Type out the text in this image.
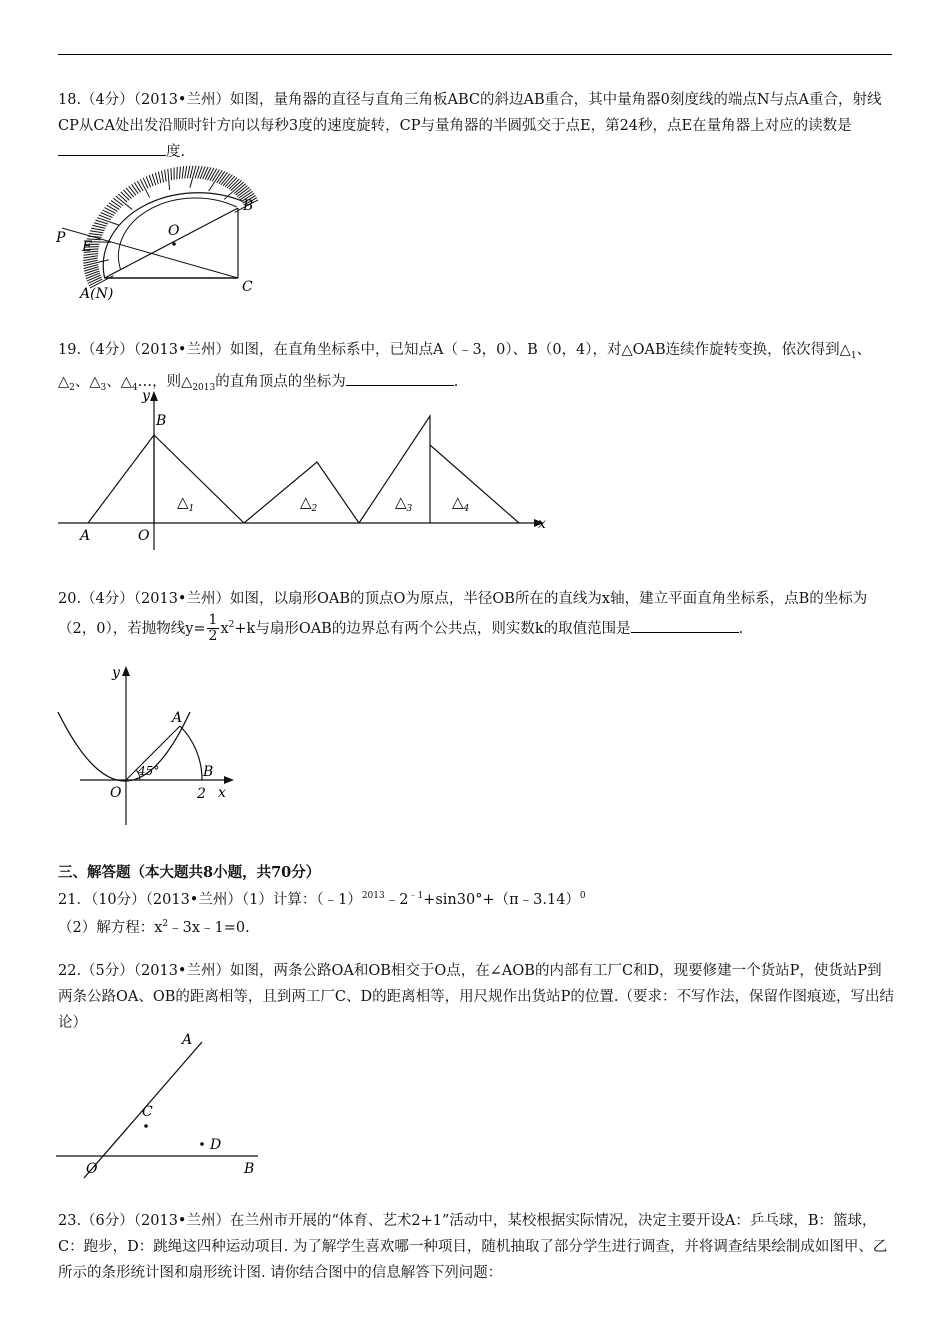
18.（4分）（2013•兰州）如图，量角器的直径与直角三角板ABC的斜边AB重合，其中量角器0刻度线的端点N与点A重合，射线CP从CA处出发沿顺时针方向以每秒3度的速度旋转，CP与量角器的半圆弧交于点E，第24秒，点E在量角器上对应的读数是度.
B
O
P
E
A(N)	C
19.（4分）（2013•兰州）如图，在直角坐标系中，已知点A（﹣3，0）、B（0，4），对△OAB连续作旋转变换，依次得到$\triangle_1$、$\triangle_2$、$\triangle_3$、$\triangle_4\dots$，则$\triangle_{2013}$的直角顶点的坐标为	.
y
B
A	O
x
$\triangle_1$	$\triangle_2$	$\triangle_3$	$\triangle_4$
20.（4分）（2013•兰州）如图，以扇形OAB的顶点O为原点，半径OB所在的直线为x轴，建立平面直角坐标系，点B的坐标为（2，0），若抛物线$y= \frac{1}{2} x^2+k$与扇形OAB的边界总有两个公共点，则实数k的取值范围是	.
y
A
45°
O
B
2 x
三、解答题（本大题共8小题，共70分）
21．（10分）（2013•兰州）（1）计算：$(﹣1)^{2013}﹣2^{﹣1}+\sin 30^\circ+(\pi﹣3.14)^0$
（2）解方程：$x^2﹣3x﹣1=0$.
22.（5分）（2013•兰州）如图，两条公路OA和OB相交于O点，在∠AOB的内部有工厂C和D，现要修建一个货站P，使货站P到两条公路OA、OB的距离相等，且到两工厂C、D的距离相等，用尺规作出货站P的位置.（要求：不写作法，保留作图痕迹，写出结论）
A
C
D
O	B
23.（6分）（2013•兰州）在兰州市开展的“体育、艺术2+1”活动中，某校根据实际情况，决定主要开设A：乒乓球，B：篮球，C：跑步，D：跳绳这四种运动项目. 为了解学生喜欢哪一种项目，随机抽取了部分学生进行调查，并将调查结果绘制成如图甲、乙所示的条形统计图和扇形统计图. 请你结合图中的信息解答下列问题：
